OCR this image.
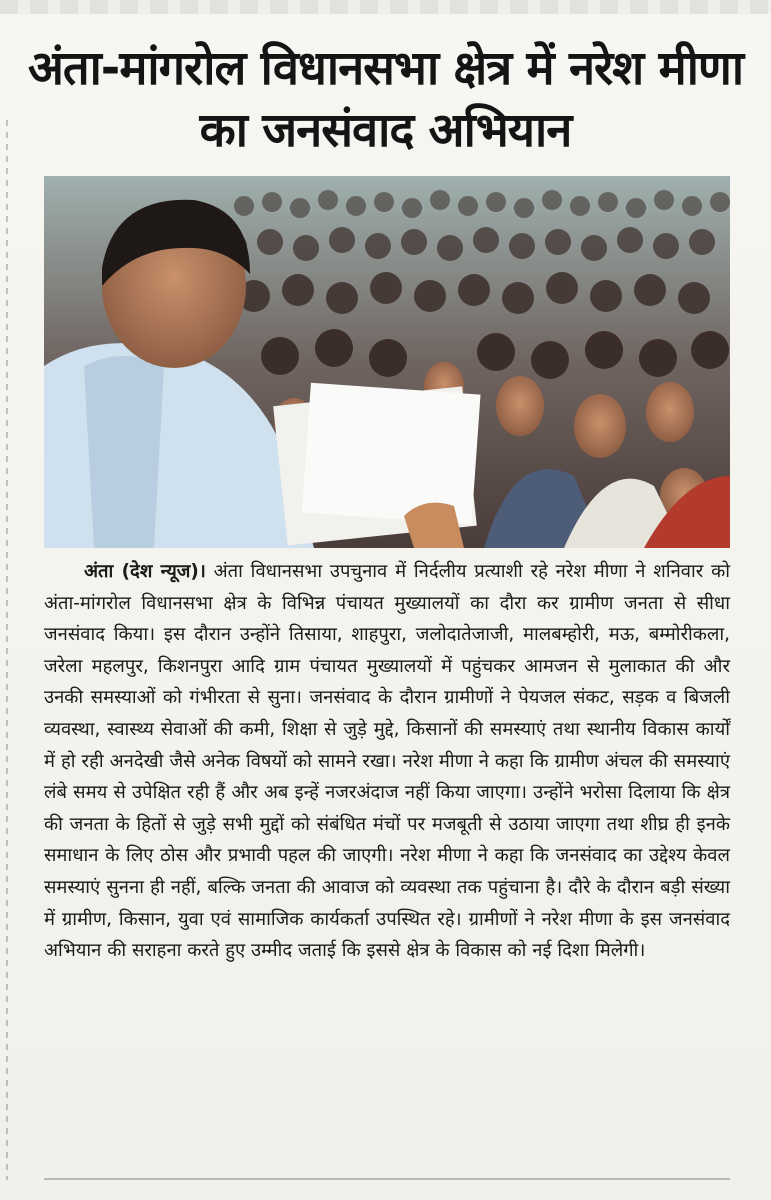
अंता-मांगरोल विधानसभा क्षेत्र में नरेश मीणा का जनसंवाद अभियान

अंता (देश न्यूज)। अंता विधानसभा उपचुनाव में निर्दलीय प्रत्याशी रहे नरेश मीणा ने शनिवार को अंता-मांगरोल विधानसभा क्षेत्र के विभिन्न पंचायत मुख्यालयों का दौरा कर ग्रामीण जनता से सीधा जनसंवाद किया। इस दौरान उन्होंने तिसाया, शाहपुरा, जलोदातेजाजी, मालबम्होरी, मऊ, बम्मोरीकला, जरेला महलपुर, किशनपुरा आदि ग्राम पंचायत मुख्यालयों में पहुंचकर आमजन से मुलाकात की और उनकी समस्याओं को गंभीरता से सुना। जनसंवाद के दौरान ग्रामीणों ने पेयजल संकट, सड़क व बिजली व्यवस्था, स्वास्थ्य सेवाओं की कमी, शिक्षा से जुड़े मुद्दे, किसानों की समस्याएं तथा स्थानीय विकास कार्यों में हो रही अनदेखी जैसे अनेक विषयों को सामने रखा। नरेश मीणा ने कहा कि ग्रामीण अंचल की समस्याएं लंबे समय से उपेक्षित रही हैं और अब इन्हें नजरअंदाज नहीं किया जाएगा। उन्होंने भरोसा दिलाया कि क्षेत्र की जनता के हितों से जुड़े सभी मुद्दों को संबंधित मंचों पर मजबूती से उठाया जाएगा तथा शीघ्र ही इनके समाधान के लिए ठोस और प्रभावी पहल की जाएगी। नरेश मीणा ने कहा कि जनसंवाद का उद्देश्य केवल समस्याएं सुनना ही नहीं, बल्कि जनता की आवाज को व्यवस्था तक पहुंचाना है। दौरे के दौरान बड़ी संख्या में ग्रामीण, किसान, युवा एवं सामाजिक कार्यकर्ता उपस्थित रहे। ग्रामीणों ने नरेश मीणा के इस जनसंवाद अभियान की सराहना करते हुए उम्मीद जताई कि इससे क्षेत्र के विकास को नई दिशा मिलेगी।
